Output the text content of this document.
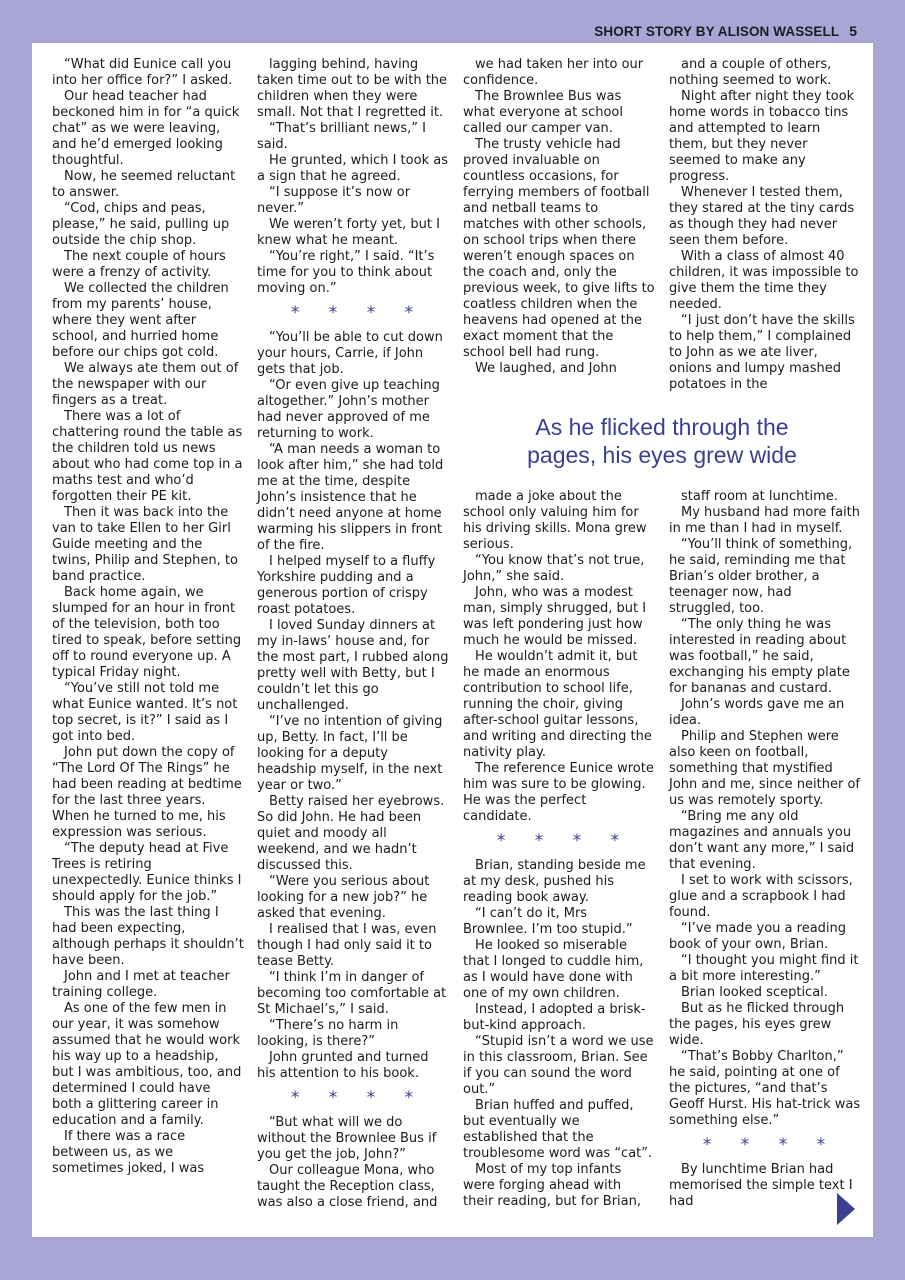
SHORT STORY BY ALISON WASSELL 5

“What did Eunice call you into her office for?” I asked.

Our head teacher had beckoned him in for “a quick chat” as we were leaving, and he’d emerged looking thoughtful.

Now, he seemed reluctant to answer.

“Cod, chips and peas, please,” he said, pulling up outside the chip shop.

The next couple of hours were a frenzy of activity.

We collected the children from my parents’ house, where they went after school, and hurried home before our chips got cold.

We always ate them out of the newspaper with our fingers as a treat.

There was a lot of chattering round the table as the children told us news about who had come top in a maths test and who’d forgotten their PE kit.

Then it was back into the van to take Ellen to her Girl Guide meeting and the twins, Philip and Stephen, to band practice.

Back home again, we slumped for an hour in front of the television, both too tired to speak, before setting off to round everyone up. A typical Friday night.

“You’ve still not told me what Eunice wanted. It’s not top secret, is it?” I said as I got into bed.

John put down the copy of “The Lord Of The Rings” he had been reading at bedtime for the last three years. When he turned to me, his expression was serious.

“The deputy head at Five Trees is retiring unexpectedly. Eunice thinks I should apply for the job.”

This was the last thing I had been expecting, although perhaps it shouldn’t have been.

John and I met at teacher training college.

As one of the few men in our year, it was somehow assumed that he would work his way up to a headship, but I was ambitious, too, and determined I could have both a glittering career in education and a family.

If there was a race between us, as we sometimes joked, I was

lagging behind, having taken time out to be with the children when they were small. Not that I regretted it.

“That’s brilliant news,” I said.

He grunted, which I took as a sign that he agreed.

“I suppose it’s now or never.”

We weren’t forty yet, but I knew what he meant.

“You’re right,” I said. “It’s time for you to think about moving on.”

* * * *

“You’ll be able to cut down your hours, Carrie, if John gets that job.

“Or even give up teaching altogether.” John’s mother had never approved of me returning to work.

“A man needs a woman to look after him,” she had told me at the time, despite John’s insistence that he didn’t need anyone at home warming his slippers in front of the fire.

I helped myself to a fluffy Yorkshire pudding and a generous portion of crispy roast potatoes.

I loved Sunday dinners at my in-laws’ house and, for the most part, I rubbed along pretty well with Betty, but I couldn’t let this go unchallenged.

“I’ve no intention of giving up, Betty. In fact, I’ll be looking for a deputy headship myself, in the next year or two.”

Betty raised her eyebrows. So did John. He had been quiet and moody all weekend, and we hadn’t discussed this.

“Were you serious about looking for a new job?” he asked that evening.

I realised that I was, even though I had only said it to tease Betty.

“I think I’m in danger of becoming too comfortable at St Michael’s,” I said.

“There’s no harm in looking, is there?”

John grunted and turned his attention to his book.

* * * *

“But what will we do without the Brownlee Bus if you get the job, John?”

Our colleague Mona, who taught the Reception class, was also a close friend, and

we had taken her into our confidence.

The Brownlee Bus was what everyone at school called our camper van.

The trusty vehicle had proved invaluable on countless occasions, for ferrying members of football and netball teams to matches with other schools, on school trips when there weren’t enough spaces on the coach and, only the previous week, to give lifts to coatless children when the heavens had opened at the exact moment that the school bell had rung.

We laughed, and John

and a couple of others, nothing seemed to work.

Night after night they took home words in tobacco tins and attempted to learn them, but they never seemed to make any progress.

Whenever I tested them, they stared at the tiny cards as though they had never seen them before.

With a class of almost 40 children, it was impossible to give them the time they needed.

“I just don’t have the skills to help them,” I complained to John as we ate liver, onions and lumpy mashed potatoes in the

As he flicked through the
pages, his eyes grew wide

made a joke about the school only valuing him for his driving skills. Mona grew serious.

“You know that’s not true, John,” she said.

John, who was a modest man, simply shrugged, but I was left pondering just how much he would be missed.

He wouldn’t admit it, but he made an enormous contribution to school life, running the choir, giving after-school guitar lessons, and writing and directing the nativity play.

The reference Eunice wrote him was sure to be glowing. He was the perfect candidate.

* * * *

Brian, standing beside me at my desk, pushed his reading book away.

“I can’t do it, Mrs Brownlee. I’m too stupid.”

He looked so miserable that I longed to cuddle him, as I would have done with one of my own children.

Instead, I adopted a brisk-but-kind approach.

“Stupid isn’t a word we use in this classroom, Brian. See if you can sound the word out.”

Brian huffed and puffed, but eventually we established that the troublesome word was “cat”.

Most of my top infants were forging ahead with their reading, but for Brian,

staff room at lunchtime.

My husband had more faith in me than I had in myself.

“You’ll think of something, he said, reminding me that Brian’s older brother, a teenager now, had struggled, too.

“The only thing he was interested in reading about was football,” he said, exchanging his empty plate for bananas and custard.

John’s words gave me an idea.

Philip and Stephen were also keen on football, something that mystified John and me, since neither of us was remotely sporty.

“Bring me any old magazines and annuals you don’t want any more,” I said that evening.

I set to work with scissors, glue and a scrapbook I had found.

“I’ve made you a reading book of your own, Brian.

“I thought you might find it a bit more interesting.”

Brian looked sceptical.

But as he flicked through the pages, his eyes grew wide.

“That’s Bobby Charlton,” he said, pointing at one of the pictures, “and that’s Geoff Hurst. His hat-trick was something else.”

* * * *

By lunchtime Brian had memorised the simple text I had
